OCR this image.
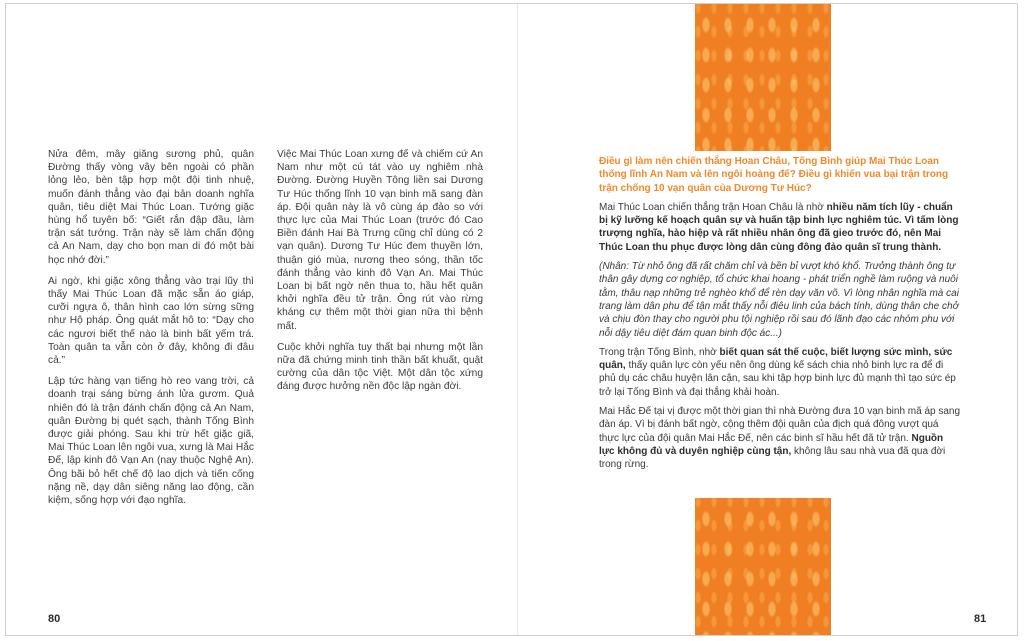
Nửa đêm, mây giăng sương phủ, quân Đường thấy vòng vây bên ngoài có phần lỏng lẻo, bèn tập hợp một đội tinh nhuệ, muốn đánh thẳng vào đại bản doanh nghĩa quân, tiêu diệt Mai Thúc Loan. Tướng giặc hùng hổ tuyên bố: “Giết rắn đập đầu, làm trận sát tướng. Trận này sẽ làm chấn động cả An Nam, dạy cho bọn man di đó một bài học nhớ đời.”

Ai ngờ, khi giặc xông thẳng vào trại lũy thì thấy Mai Thúc Loan đã mặc sẵn áo giáp, cưỡi ngựa ô, thân hình cao lớn sừng sững như Hộ pháp. Ông quát mắt hô to: “Dạy cho các ngươi biết thế nào là binh bất yếm trá. Toàn quân ta vẫn còn ở đây, không đi đâu cả.”

Lập tức hàng vạn tiếng hò reo vang trời, cả doanh trại sáng bừng ánh lửa gươm. Quả nhiên đó là trận đánh chấn động cả An Nam, quân Đường bị quét sạch, thành Tống Bình được giải phóng. Sau khi trừ hết giặc giã, Mai Thúc Loan lên ngôi vua, xưng là Mai Hắc Đế, lập kinh đô Vạn An (nay thuộc Nghệ An). Ông bãi bỏ hết chế độ lao dịch và tiến cống nặng nề, dạy dân siêng năng lao động, cần kiệm, sống hợp với đạo nghĩa.

Việc Mai Thúc Loan xưng đế và chiếm cứ An Nam như một cú tát vào uy nghiêm nhà Đường. Đường Huyền Tông liền sai Dương Tư Húc thống lĩnh 10 vạn binh mã sang đàn áp. Đội quân này là vô cùng áp đảo so với thực lực của Mai Thúc Loan (trước đó Cao Biền đánh Hai Bà Trưng cũng chỉ dùng có 2 vạn quân). Dương Tư Húc đem thuyền lớn, thuận gió mùa, nương theo sóng, thần tốc đánh thẳng vào kinh đô Vạn An. Mai Thúc Loan bị bất ngờ nên thua to, hầu hết quân khởi nghĩa đều tử trận. Ông rút vào rừng kháng cự thêm một thời gian nữa thì bệnh mất.

Cuộc khởi nghĩa tuy thất bại nhưng một lần nữa đã chứng minh tinh thần bất khuất, quật cường của dân tộc Việt. Một dân tộc xứng đáng được hưởng nền độc lập ngàn đời.

80

Điều gì làm nên chiến thắng Hoan Châu, Tống Bình giúp Mai Thúc Loan thống lĩnh An Nam và lên ngôi hoàng đế? Điều gì khiến vua bại trận trong trận chống 10 vạn quân của Dương Tư Húc?

Mai Thúc Loan chiến thắng trận Hoan Châu là nhờ nhiều năm tích lũy - chuẩn bị kỹ lưỡng kế hoạch quân sự và huấn tập binh lực nghiêm túc. Vì tấm lòng trượng nghĩa, hào hiệp và rất nhiều nhân ông đã gieo trước đó, nên Mai Thúc Loan thu phục được lòng dân cùng đông đảo quân sĩ trung thành.

(Nhân: Từ nhỏ ông đã rất chăm chỉ và bền bỉ vượt khó khổ. Trưởng thành ông tự thân gây dựng cơ nghiệp, tổ chức khai hoang - phát triển nghề làm ruộng và nuôi tằm, thâu nạp những trẻ nghèo khổ để rèn dạy văn võ. Vì lòng nhân nghĩa mà cai trang làm dân phu để tận mắt thấy nỗi điêu linh của bách tính, dùng thân che chở và chịu đòn thay cho người phu tội nghiệp rồi sau đó lãnh đạo các nhóm phu với nỗi dậy tiêu diệt đám quan binh độc ác...)

Trong trận Tống Bình, nhờ biết quan sát thế cuộc, biết lượng sức mình, sức quân, thấy quân lực còn yếu nên ông dùng kế sách chia nhỏ binh lực ra để đi phủ dụ các châu huyện lân cận, sau khi tập hợp binh lực đủ mạnh thì tạo sức ép trở lại Tống Bình và đại thắng khải hoàn.

Mai Hắc Đế tại vị được một thời gian thì nhà Đường đưa 10 vạn binh mã áp sang đàn áp. Vì bị đánh bất ngờ, cộng thêm đội quân của địch quá đông vượt quá thực lực của đội quân Mai Hắc Đế, nên các binh sĩ hầu hết đã tử trận. Nguồn lực không đủ và duyên nghiệp cùng tận, không lâu sau nhà vua đã qua đời trong rừng.

81
